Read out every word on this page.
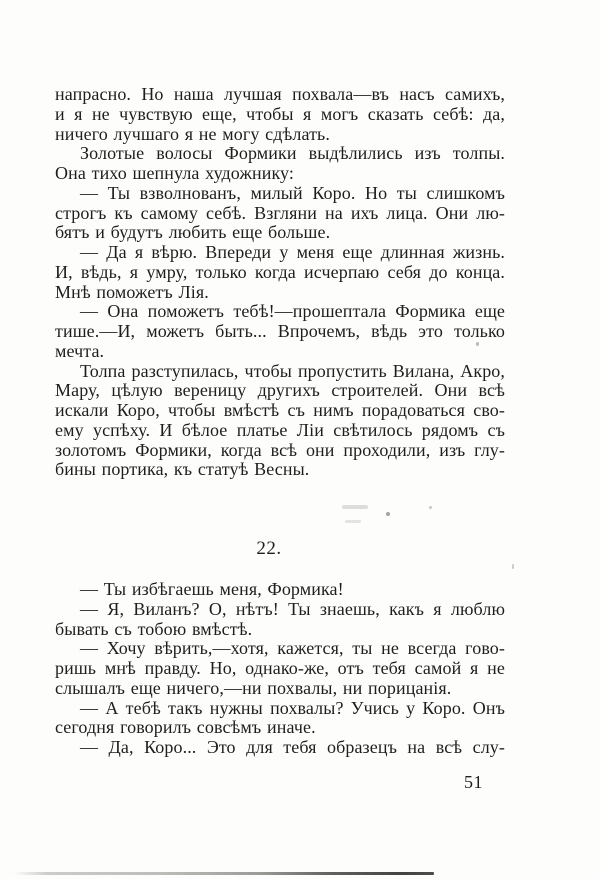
напрасно. Но наша лучшая похвала—въ насъ самихъ,
и я не чувствую еще, чтобы я могъ сказать себѣ: да,
ничего лучшаго я не могу сдѣлать.
Золотые волосы Формики выдѣлились изъ толпы.
Она тихо шепнула художнику:
— Ты взволнованъ, милый Коро. Но ты слишкомъ
строгъ къ самому себѣ. Взгляни на ихъ лица. Они лю-
бятъ и будутъ любить еще больше.
— Да я вѣрю. Впереди у меня еще длинная жизнь.
И, вѣдь, я умру, только когда исчерпаю себя до конца.
Мнѣ поможетъ Лія.
— Она поможетъ тебѣ!—прошептала Формика еще
тише.—И, можетъ быть... Впрочемъ, вѣдь это только
мечта.
Толпа разступилась, чтобы пропустить Вилана, Акро,
Мару, цѣлую вереницу другихъ строителей. Они всѣ
искали Коро, чтобы вмѣстѣ съ нимъ порадоваться сво-
ему успѣху. И бѣлое платье Ліи свѣтилось рядомъ съ
золотомъ Формики, когда всѣ они проходили, изъ глу-
бины портика, къ статуѣ Весны.
22.
— Ты избѣгаешь меня, Формика!
— Я, Виланъ? О, нѣтъ! Ты знаешь, какъ я люблю
бывать съ тобою вмѣстѣ.
— Хочу вѣрить,—хотя, кажется, ты не всегда гово-
ришь мнѣ правду. Но, однако-же, отъ тебя самой я не
слышалъ еще ничего,—ни похвалы, ни порицанія.
— А тебѣ такъ нужны похвалы? Учись у Коро. Онъ
сегодня говорилъ совсѣмъ иначе.
— Да, Коро... Это для тебя образецъ на всѣ слу-
51
